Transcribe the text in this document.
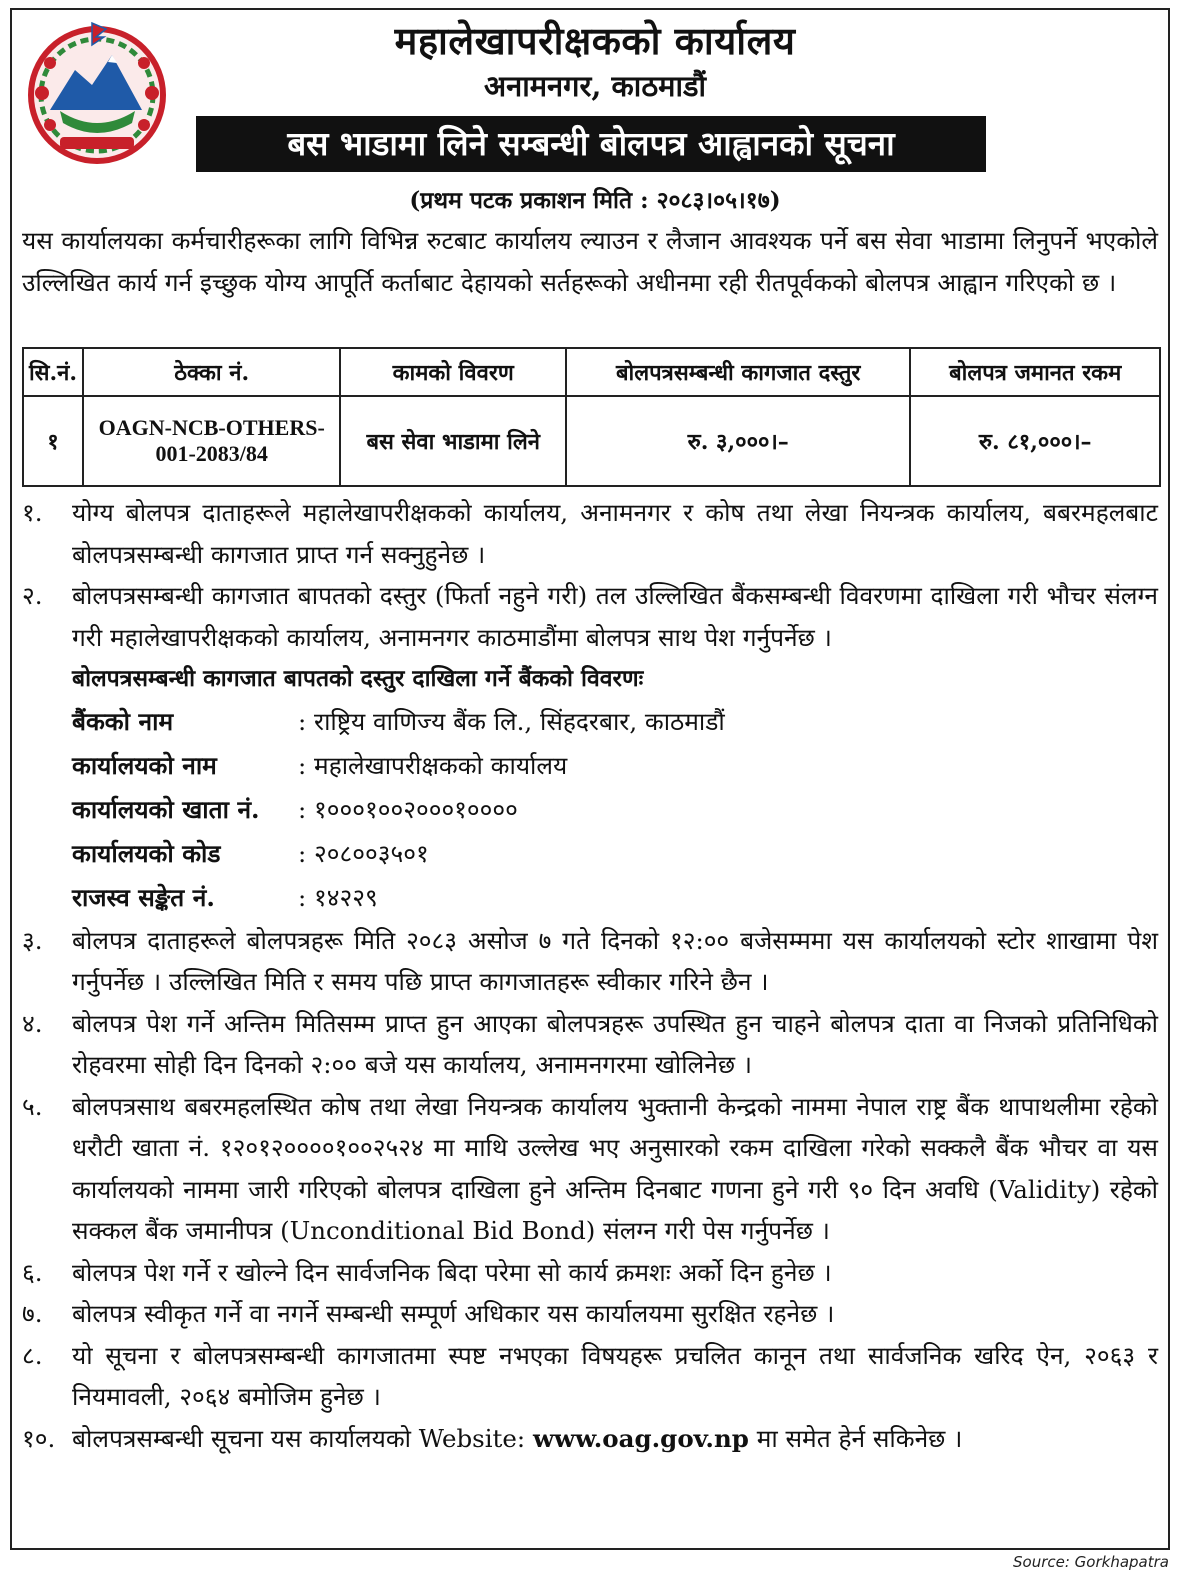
महालेखापरीक्षकको कार्यालय
अनामनगर, काठमाडौं
बस भाडामा लिने सम्बन्धी बोलपत्र आह्वानको सूचना
(प्रथम पटक प्रकाशन मिति : २०८३।०५।१७)
यस कार्यालयका कर्मचारीहरूका लागि विभिन्न रुटबाट कार्यालय ल्याउन र लैजान आवश्यक पर्ने बस सेवा भाडामा लिनुपर्ने भएकोले उल्लिखित कार्य गर्न इच्छुक योग्य आपूर्ति कर्ताबाट देहायको सर्तहरूको अधीनमा रही रीतपूर्वकको बोलपत्र आह्वान गरिएको छ ।
सि.नं.	ठेक्का नं.	कामको विवरण	बोलपत्रसम्बन्धी कागजात दस्तुर	बोलपत्र जमानत रकम
१	OAGN-NCB-OTHERS-001-2083/84	बस सेवा भाडामा लिने	रु. ३,०००।–	रु. ८१,०००।–
१.	योग्य बोलपत्र दाताहरूले महालेखापरीक्षकको कार्यालय, अनामनगर र कोष तथा लेखा नियन्त्रक कार्यालय, बबरमहलबाट बोलपत्रसम्बन्धी कागजात प्राप्त गर्न सक्नुहुनेछ ।
२.	बोलपत्रसम्बन्धी कागजात बापतको दस्तुर (फिर्ता नहुने गरी) तल उल्लिखित बैंकसम्बन्धी विवरणमा दाखिला गरी भौचर संलग्न गरी महालेखापरीक्षकको कार्यालय, अनामनगर काठमाडौंमा बोलपत्र साथ पेश गर्नुपर्नेछ ।
बोलपत्रसम्बन्धी कागजात बापतको दस्तुर दाखिला गर्ने बैंकको विवरणः
बैंकको नाम	: राष्ट्रिय वाणिज्य बैंक लि., सिंहदरबार, काठमाडौं
कार्यालयको नाम	: महालेखापरीक्षकको कार्यालय
कार्यालयको खाता नं.	: १०००१००२०००१००००
कार्यालयको कोड	: २०८००३५०१
राजस्व सङ्केत नं.	: १४२२९
३.	बोलपत्र दाताहरूले बोलपत्रहरू मिति २०८३ असोज ७ गते दिनको १२:०० बजेसम्ममा यस कार्यालयको स्टोर शाखामा पेश गर्नुपर्नेछ । उल्लिखित मिति र समय पछि प्राप्त कागजातहरू स्वीकार गरिने छैन ।
४.	बोलपत्र पेश गर्ने अन्तिम मितिसम्म प्राप्त हुन आएका बोलपत्रहरू उपस्थित हुन चाहने बोलपत्र दाता वा निजको प्रतिनिधिको रोहवरमा सोही दिन दिनको २:०० बजे यस कार्यालय, अनामनगरमा खोलिनेछ ।
५.	बोलपत्रसाथ बबरमहलस्थित कोष तथा लेखा नियन्त्रक कार्यालय भुक्तानी केन्द्रको नाममा नेपाल राष्ट्र बैंक थापाथलीमा रहेको धरौटी खाता नं. १२०१२००००१००२५२४ मा माथि उल्लेख भए अनुसारको रकम दाखिला गरेको सक्कलै बैंक भौचर वा यस कार्यालयको नाममा जारी गरिएको बोलपत्र दाखिला हुने अन्तिम दिनबाट गणना हुने गरी ९० दिन अवधि (Validity) रहेको सक्कल बैंक जमानीपत्र (Unconditional Bid Bond) संलग्न गरी पेस गर्नुपर्नेछ ।
६.	बोलपत्र पेश गर्ने र खोल्ने दिन सार्वजनिक बिदा परेमा सो कार्य क्रमशः अर्को दिन हुनेछ ।
७.	बोलपत्र स्वीकृत गर्ने वा नगर्ने सम्बन्धी सम्पूर्ण अधिकार यस कार्यालयमा सुरक्षित रहनेछ ।
८.	यो सूचना र बोलपत्रसम्बन्धी कागजातमा स्पष्ट नभएका विषयहरू प्रचलित कानून तथा सार्वजनिक खरिद ऐन, २०६३ र नियमावली, २०६४ बमोजिम हुनेछ ।
१०. बोलपत्रसम्बन्धी सूचना यस कार्यालयको Website: www.oag.gov.np मा समेत हेर्न सकिनेछ ।
Source: Gorkhapatra
